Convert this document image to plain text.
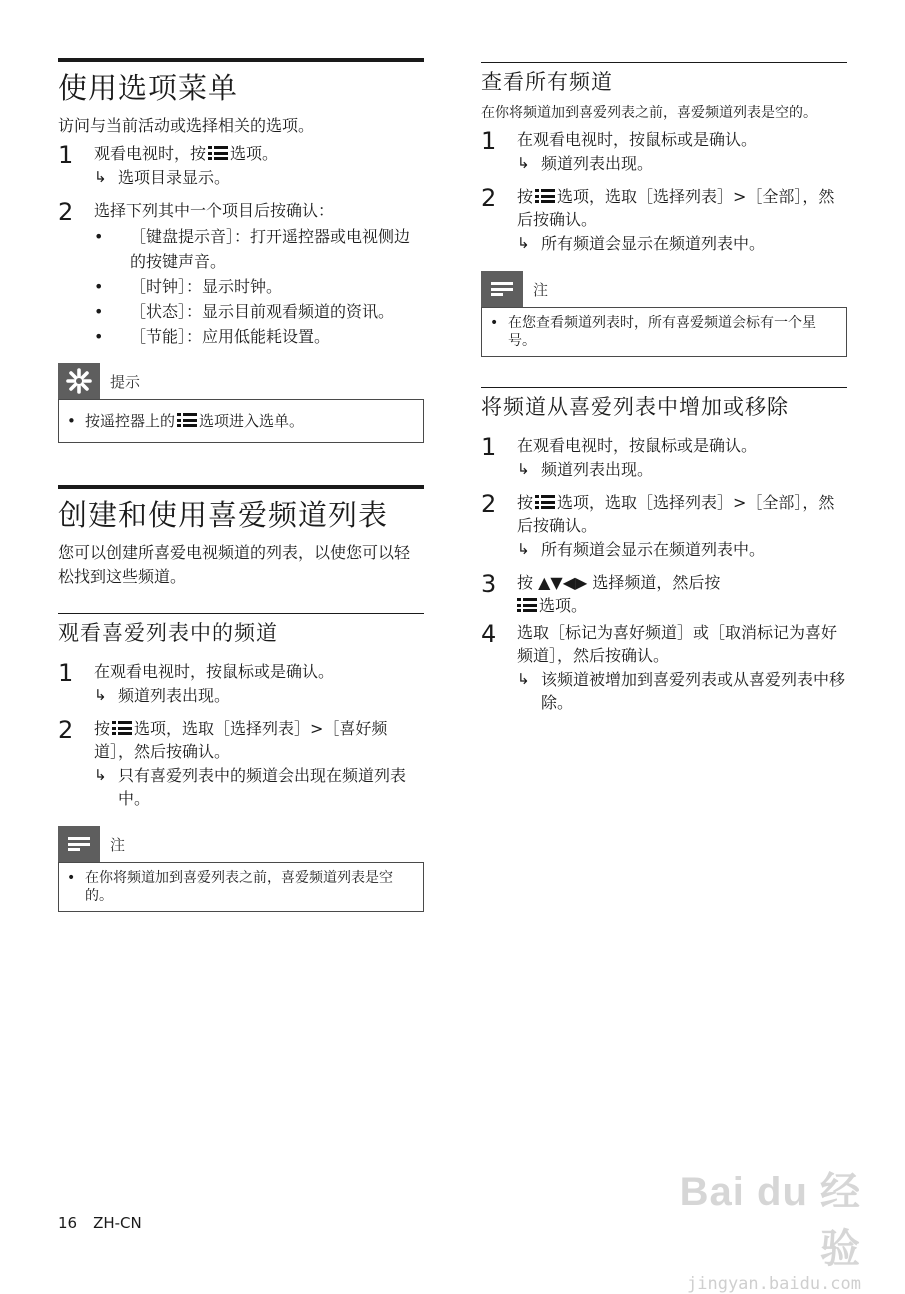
使用选项菜单

访问与当前活动或选择相关的选项。

1	观看电视时，按 选项。
↳ 选项目录显示。
2	选择下列其中一个项目后按确认：
•	［键盘提示音］：打开遥控器或电视侧边的按键声音。
•	［时钟］：显示时钟。
•	［状态］：显示目前观看频道的资讯。
•	［节能］：应用低能耗设置。
提示
• 按遥控器上的 选项进入选单。
创建和使用喜爱频道列表

您可以创建所喜爱电视频道的列表，以使您可以轻松找到这些频道。

观看喜爱列表中的频道
1	在观看电视时，按鼠标或是确认。
↳ 频道列表出现。
2	按 选项，选取［选择列表］>［喜好频道］，然后按确认。
↳ 只有喜爱列表中的频道会出现在频道列表中。
注
• 在你将频道加到喜爱列表之前，喜爱频道列表是空的。
查看所有频道

在你将频道加到喜爱列表之前，喜爱频道列表是空的。

1	在观看电视时，按鼠标或是确认。
↳ 频道列表出现。
2	按 选项，选取［选择列表］>［全部］，然后按确认。
↳ 所有频道会显示在频道列表中。
注
• 在您查看频道列表时，所有喜爱频道会标有一个星号。
将频道从喜爱列表中增加或移除
1	在观看电视时，按鼠标或是确认。
↳ 频道列表出现。
2	按 选项，选取［选择列表］>［全部］，然后按确认。
↳ 所有频道会显示在频道列表中。
3	按 ▲▼◀▶ 选择频道，然后按
选项。
4	选取［标记为喜好频道］或［取消标记为喜好频道］，然后按确认。
↳ 该频道被增加到喜爱列表或从喜爱列表中移除。
16 ZH-CN
Bai du 经验
jingyan.baidu.com
